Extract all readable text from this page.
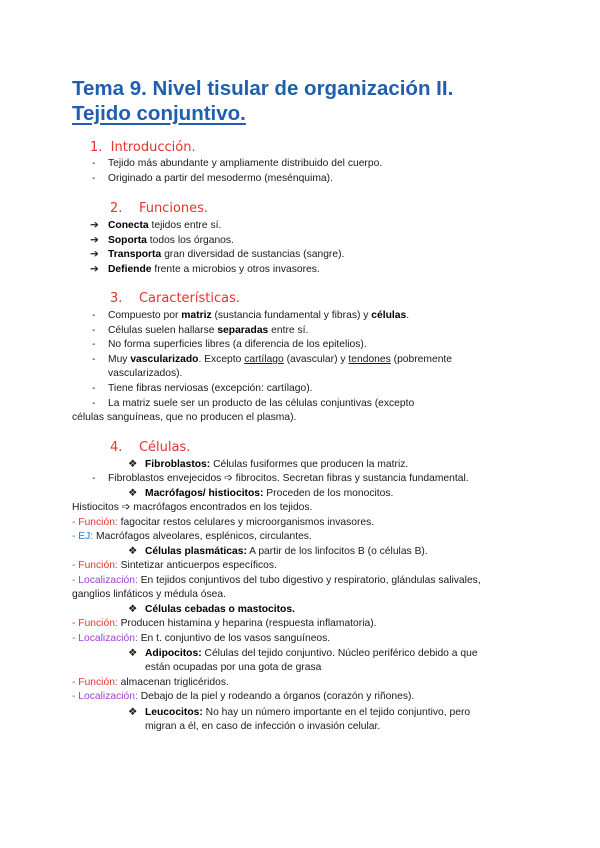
Tema 9. Nivel tisular de organización II.
Tejido conjuntivo.
1. Introducción.
- Tejido más abundante y ampliamente distribuido del cuerpo.
- Originado a partir del mesodermo (mesénquima).
2. Funciones.
➔ Conecta tejidos entre sí.
➔ Soporta todos los órganos.
➔ Transporta gran diversidad de sustancias (sangre).
➔ Defiende frente a microbios y otros invasores.
3. Características.
- Compuesto por matriz (sustancia fundamental y fibras) y células.
- Células suelen hallarse separadas entre sí.
- No forma superficies libres (a diferencia de los epitelios).
- Muy vascularizado. Excepto cartílago (avascular) y tendones (pobremente
vascularizados).
- Tiene fibras nerviosas (excepción: cartílago).
- La matriz suele ser un producto de las células conjuntivas (excepto
células sanguíneas, que no producen el plasma).
4. Células.
❖ Fibroblastos: Células fusiformes que producen la matriz.
- Fibroblastos envejecidos ➩ fibrocitos. Secretan fibras y sustancia fundamental.
❖ Macrófagos/ histiocitos: Proceden de los monocitos.
Histiocitos ➩ macrófagos encontrados en los tejidos.
- Función: fagocitar restos celulares y microorganismos invasores.
- EJ: Macrófagos alveolares, esplénicos, circulantes.
❖ Células plasmáticas: A partir de los linfocitos B (o células B).
- Función: Sintetizar anticuerpos específicos.
- Localización: En tejidos conjuntivos del tubo digestivo y respiratorio, glándulas salivales,
ganglios linfáticos y médula ósea.
❖ Células cebadas o mastocitos.
- Función: Producen histamina y heparina (respuesta inflamatoria).
- Localización: En t. conjuntivo de los vasos sanguíneos.
❖ Adipocitos: Células del tejido conjuntivo. Núcleo periférico debido a que
están ocupadas por una gota de grasa
- Función: almacenan triglicéridos.
- Localización: Debajo de la piel y rodeando a órganos (corazón y riñones).
❖ Leucocitos: No hay un número importante en el tejido conjuntivo, pero
migran a él, en caso de infección o invasión celular.
